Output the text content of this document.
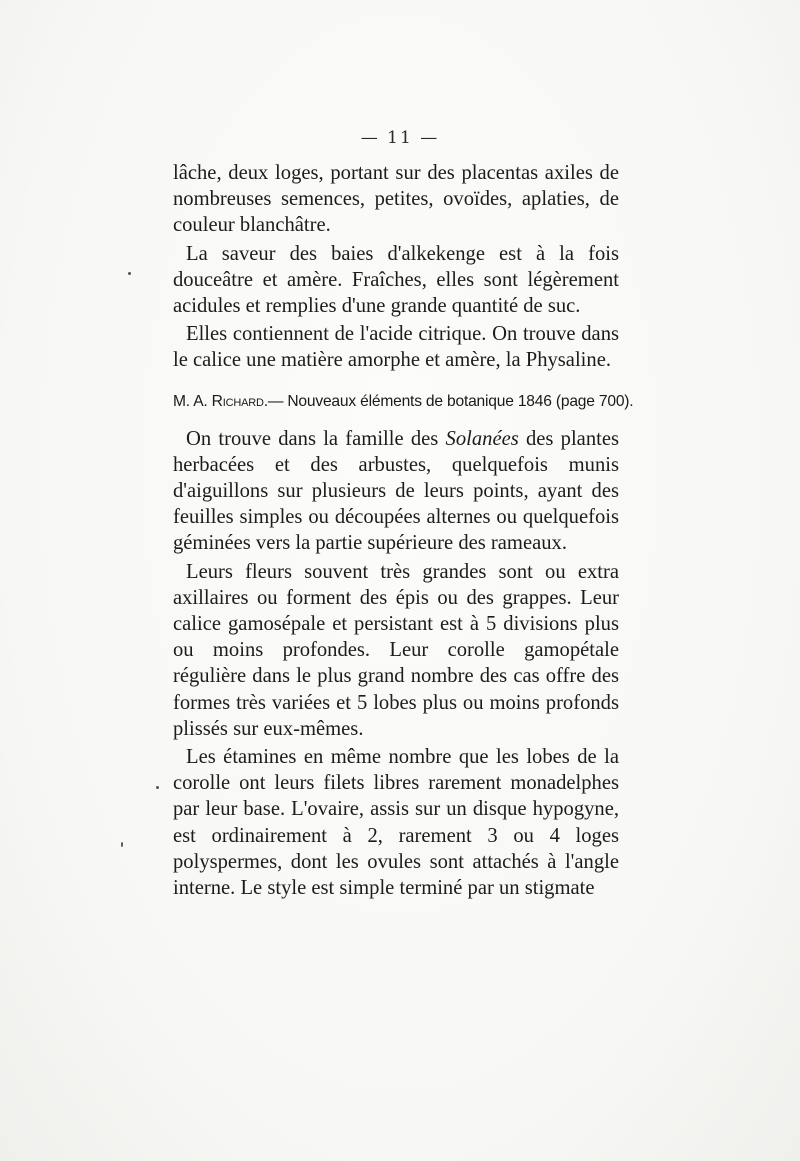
— 11 —

lâche, deux loges, portant sur des placentas axiles de nombreuses semences, petites, ovoïdes, aplaties, de couleur blanchâtre.

La saveur des baies d'alkekenge est à la fois douceâtre et amère. Fraîches, elles sont légèrement acidules et remplies d'une grande quantité de suc.

Elles contiennent de l'acide citrique. On trouve dans le calice une matière amorphe et amère, la Physaline.

M. A. Richard.— Nouveaux éléments de botanique 1846 (page 700).

On trouve dans la famille des Solanées des plantes herbacées et des arbustes, quelquefois munis d'aiguillons sur plusieurs de leurs points, ayant des feuilles simples ou découpées alternes ou quelquefois géminées vers la partie supérieure des rameaux.

Leurs fleurs souvent très grandes sont ou extra axillaires ou forment des épis ou des grappes. Leur calice gamosépale et persistant est à 5 divisions plus ou moins profondes. Leur corolle gamopétale régulière dans le plus grand nombre des cas offre des formes très variées et 5 lobes plus ou moins profonds plissés sur eux-mêmes.

Les étamines en même nombre que les lobes de la corolle ont leurs filets libres rarement monadelphes par leur base. L'ovaire, assis sur un disque hypogyne, est ordinairement à 2, rarement 3 ou 4 loges polyspermes, dont les ovules sont attachés à l'angle interne. Le style est simple terminé par un stigmate
